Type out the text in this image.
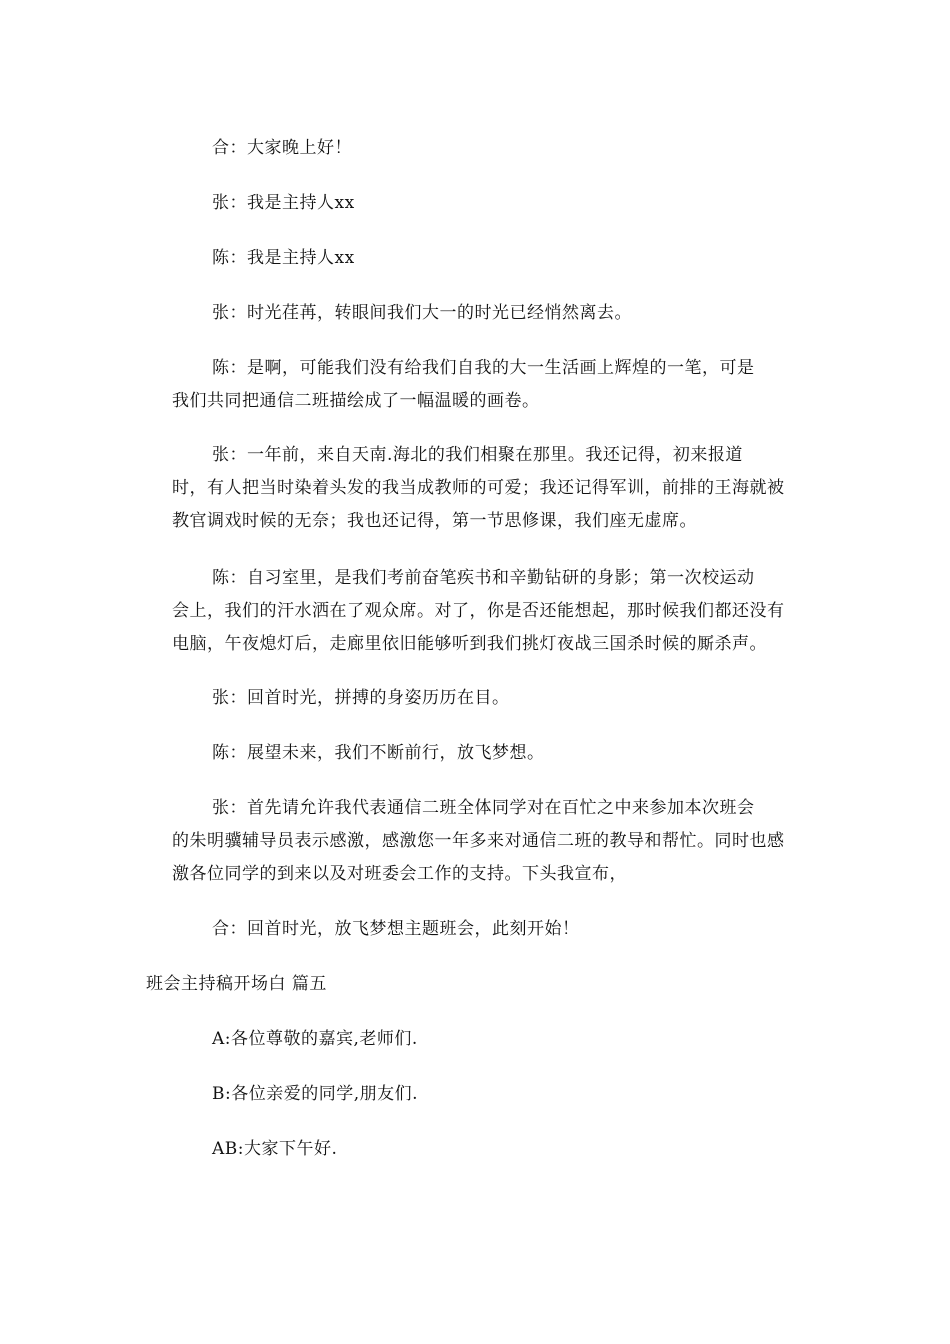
合：大家晚上好！
张：我是主持人xx
陈：我是主持人xx
张：时光荏苒，转眼间我们大一的时光已经悄然离去。
陈：是啊，可能我们没有给我们自我的大一生活画上辉煌的一笔，可是
我们共同把通信二班描绘成了一幅温暖的画卷。
张：一年前，来自天南.海北的我们相聚在那里。我还记得，初来报道
时，有人把当时染着头发的我当成教师的可爱；我还记得军训，前排的王海就被
教官调戏时候的无奈；我也还记得，第一节思修课，我们座无虚席。
陈：自习室里，是我们考前奋笔疾书和辛勤钻研的身影；第一次校运动
会上，我们的汗水洒在了观众席。对了，你是否还能想起，那时候我们都还没有
电脑，午夜熄灯后，走廊里依旧能够听到我们挑灯夜战三国杀时候的厮杀声。
张：回首时光，拼搏的身姿历历在目。
陈：展望未来，我们不断前行，放飞梦想。
张：首先请允许我代表通信二班全体同学对在百忙之中来参加本次班会
的朱明骥辅导员表示感激，感激您一年多来对通信二班的教导和帮忙。同时也感
激各位同学的到来以及对班委会工作的支持。下头我宣布，
合：回首时光，放飞梦想主题班会，此刻开始！
班会主持稿开场白 篇五
A:各位尊敬的嘉宾,老师们.
B:各位亲爱的同学,朋友们.
AB:大家下午好.
